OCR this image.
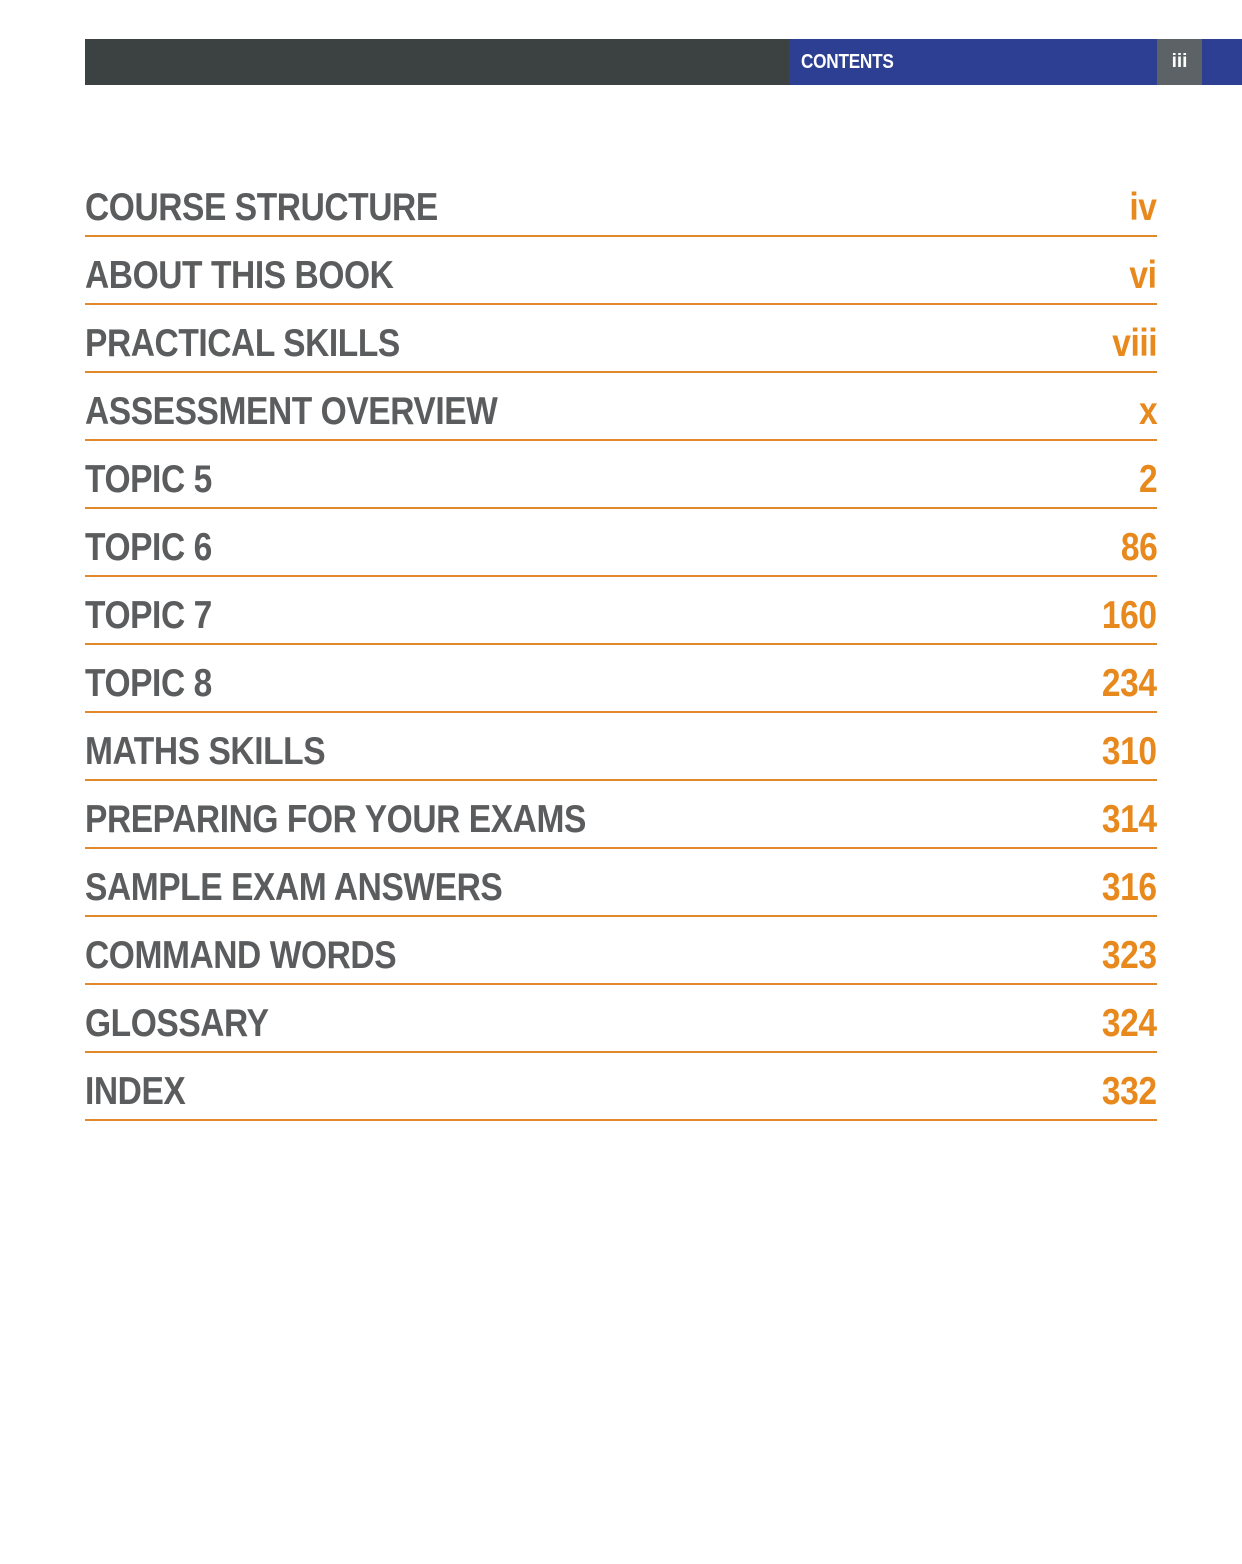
CONTENTS	iii
COURSE STRUCTURE	iv
ABOUT THIS BOOK	vi
PRACTICAL SKILLS	viii
ASSESSMENT OVERVIEW	x
TOPIC 5	2
TOPIC 6	86
TOPIC 7	160
TOPIC 8	234
MATHS SKILLS	310
PREPARING FOR YOUR EXAMS	314
SAMPLE EXAM ANSWERS	316
COMMAND WORDS	323
GLOSSARY	324
INDEX	332
